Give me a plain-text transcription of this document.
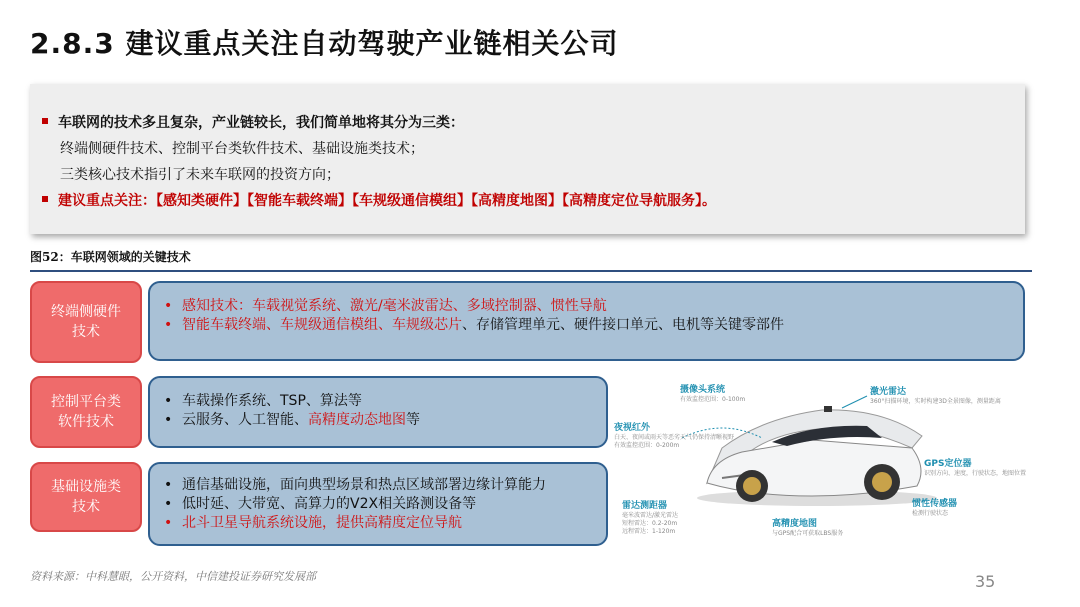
2.8.3 建议重点关注自动驾驶产业链相关公司
车联网的技术多且复杂，产业链较长，我们简单地将其分为三类：
终端侧硬件技术、控制平台类软件技术、基础设施类技术；
三类核心技术指引了未来车联网的投资方向；
建议重点关注：【感知类硬件】【智能车载终端】【车规级通信模组】【高精度地图】【高精度定位导航服务】。
图52：车联网领域的关键技术
终端侧硬件
技术
• 感知技术：车载视觉系统、激光/毫米波雷达、多域控制器、惯性导航
• 智能车载终端、车规级通信模组、车规级芯片、存储管理单元、硬件接口单元、电机等关键零部件
控制平台类
软件技术
• 车载操作系统、TSP、算法等
• 云服务、人工智能、高精度动态地图等
基础设施类
技术
• 通信基础设施，面向典型场景和热点区域部署边缘计算能力
• 低时延、大带宽、高算力的V2X相关路测设备等
• 北斗卫星导航系统设施，提供高精度定位导航
摄像头系统
有效监控范围：0-100m
激光雷达
360°扫描环境，实时构建3D全景图像，测量距离
夜视红外
白天、夜间或雨天等恶劣天气仍保持清晰视野
有效监控范围：0-200m
GPS定位器
识别方向、速度，行驶状态，地图位置
雷达测距器
毫米波雷达/激光雷达
短程雷达：0.2-20m
远程雷达：1-120m
惯性传感器
检测行驶状态
高精度地图
与GPS配合可获取LBS服务
资料来源：中科慧眼，公开资料，中信建投证券研究发展部	35
